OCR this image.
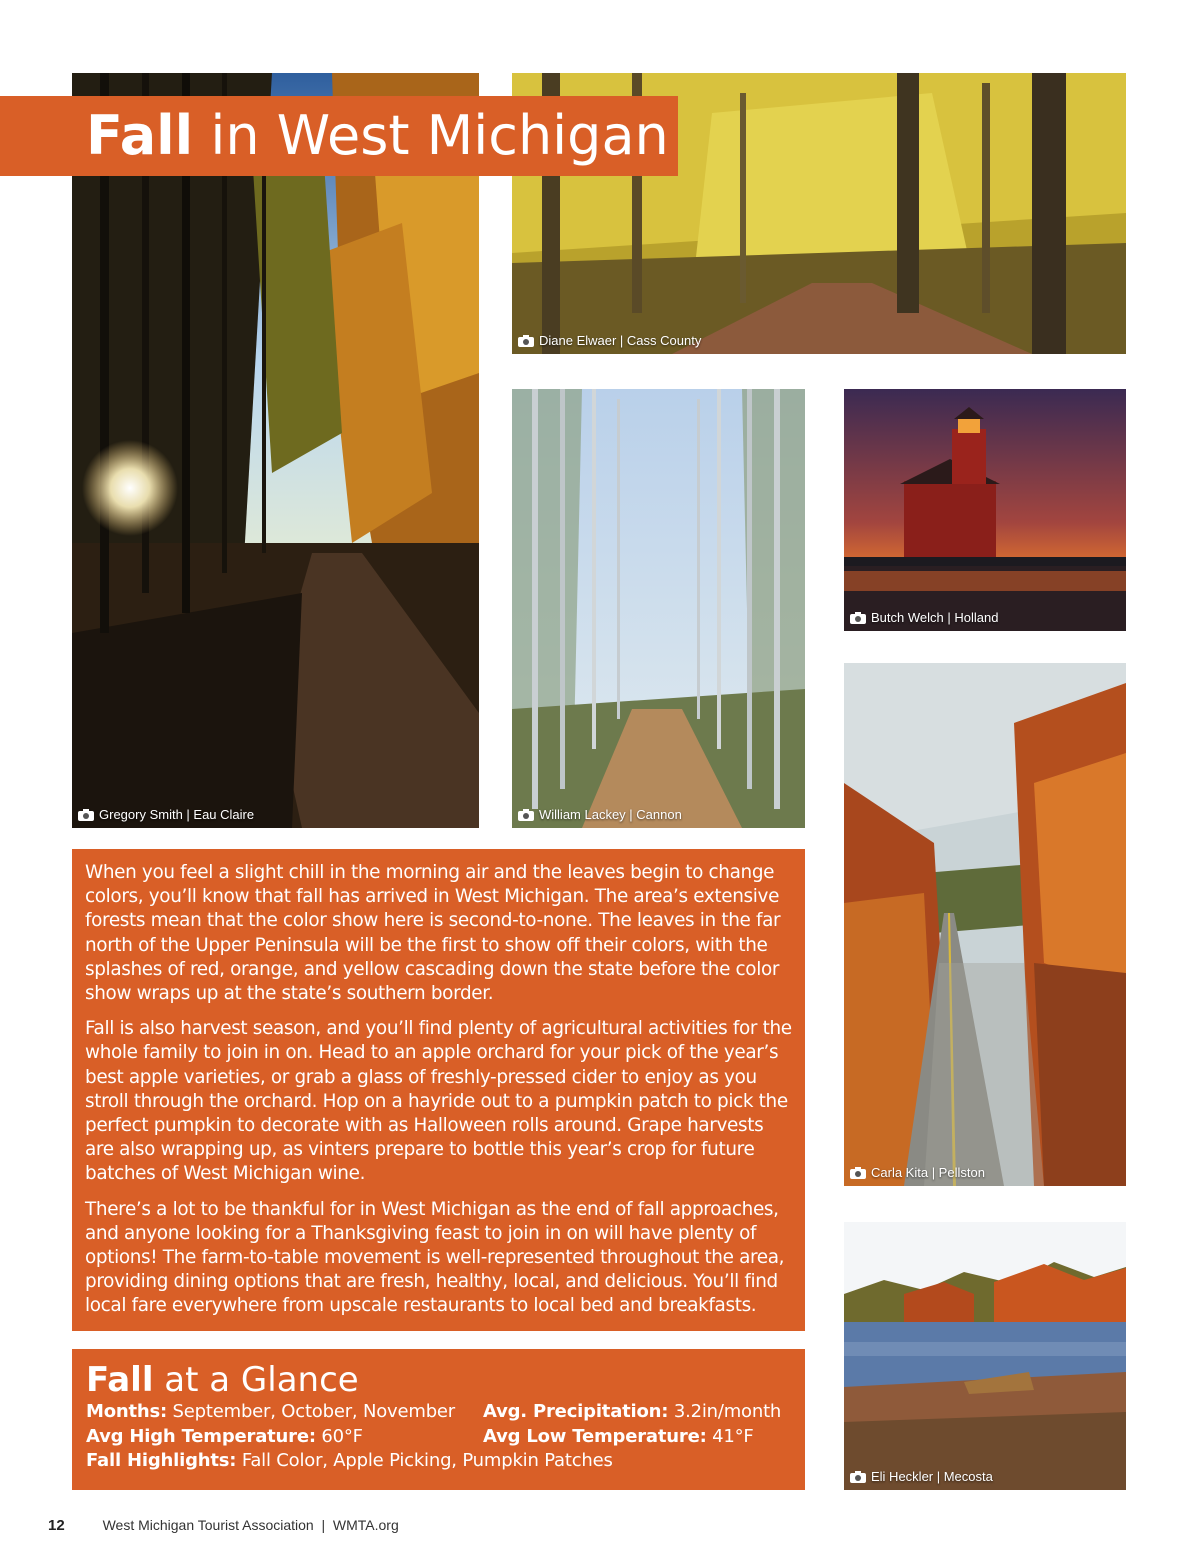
Gregory Smith | Eau Claire
Diane Elwaer | Cass County
William Lackey | Cannon
Butch Welch | Holland
Carla Kita | Pellston
Eli Heckler | Mecosta
Fall in West Michigan

When you feel a slight chill in the morning air and the leaves begin to change colors, you’ll know that fall has arrived in West Michigan. The area’s extensive forests mean that the color show here is second-to-none. The leaves in the far north of the Upper Peninsula will be the first to show off their colors, with the splashes of red, orange, and yellow cascading down the state before the color show wraps up at the state’s southern border.

Fall is also harvest season, and you’ll find plenty of agricultural activities for the whole family to join in on. Head to an apple orchard for your pick of the year’s best apple varieties, or grab a glass of freshly-pressed cider to enjoy as you stroll through the orchard. Hop on a hayride out to a pumpkin patch to pick the perfect pumpkin to decorate with as Halloween rolls around. Grape harvests are also wrapping up, as vinters prepare to bottle this year’s crop for future batches of West Michigan wine.

There’s a lot to be thankful for in West Michigan as the end of fall approaches, and anyone looking for a Thanksgiving feast to join in on will have plenty of options! The farm-to-table movement is well-represented throughout the area, providing dining options that are fresh, healthy, local, and delicious. You’ll find local fare everywhere from upscale restaurants to local bed and breakfasts.

Fall at a Glance
Months: September, October, November Avg. Precipitation: 3.2in/month
Avg High Temperature: 60°F	Avg Low Temperature: 41°F
Fall Highlights: Fall Color, Apple Picking, Pumpkin Patches
12	West Michigan Tourist Association  |  WMTA.org
